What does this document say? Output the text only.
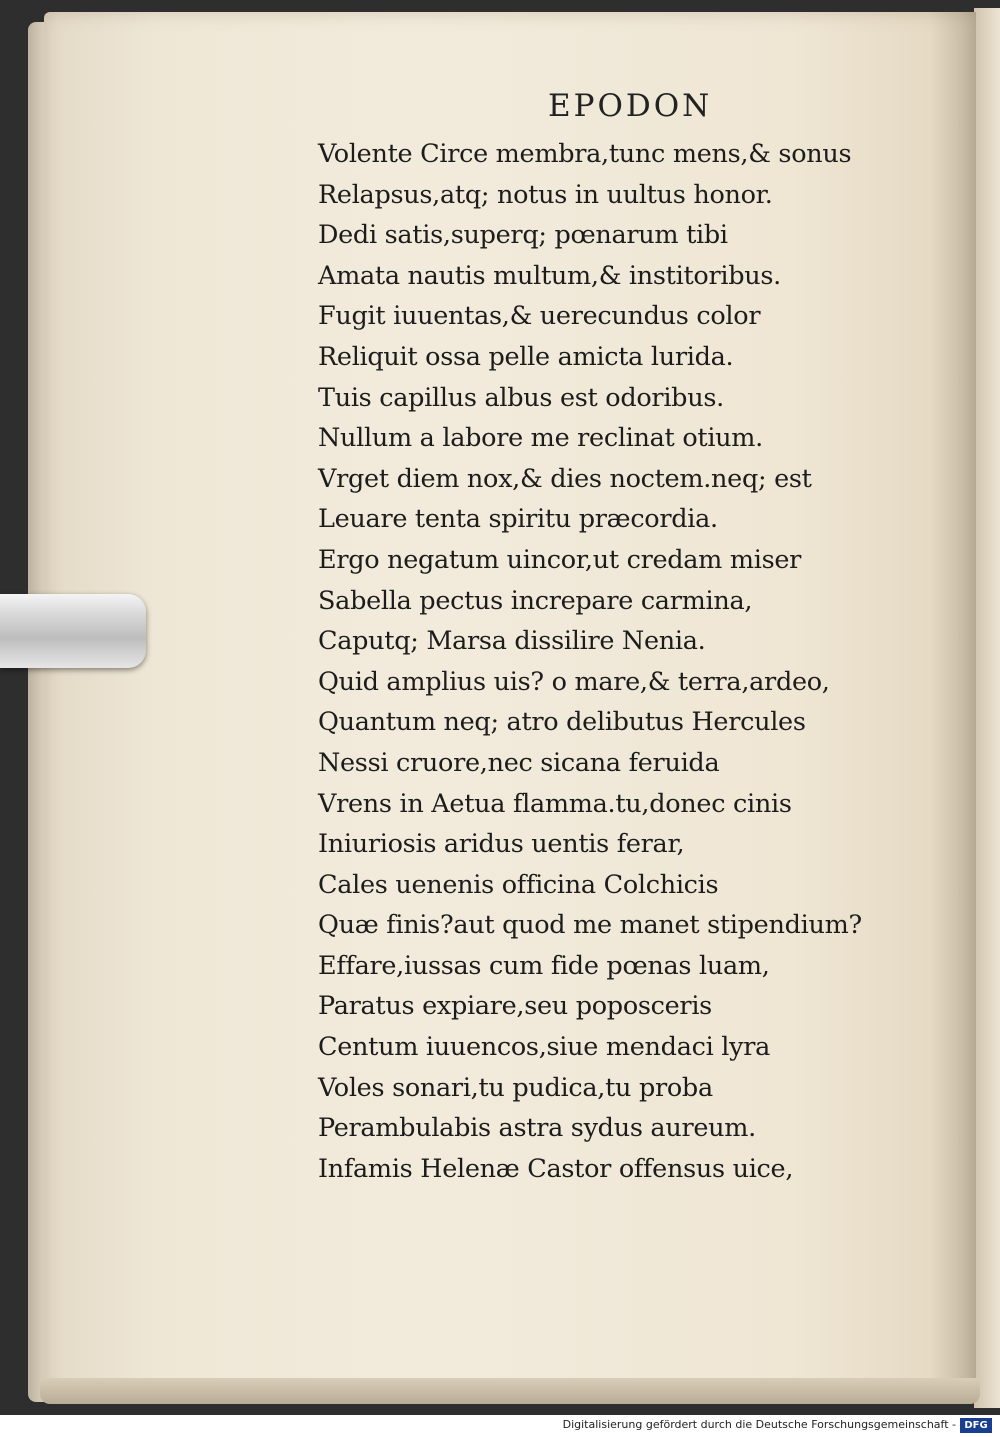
EPODON
Volente Circe membra,tunc mens,& sonus
Relapsus,atq; notus in uultus honor.
Dedi satis,superq; pœnarum tibi
Amata nautis multum,& institoribus.
Fugit iuuentas,& uerecundus color
Reliquit ossa pelle amicta lurida.
Tuis capillus albus est odoribus.
Nullum a labore me reclinat otium.
Vrget diem nox,& dies noctem.neq; est
Leuare tenta spiritu præcordia.
Ergo negatum uincor,ut credam miser
Sabella pectus increpare carmina,
Caputq; Marsa dissilire Nenia.
Quid amplius uis? o mare,& terra,ardeo,
Quantum neq; atro delibutus Hercules
Nessi cruore,nec sicana feruida
Vrens in Aetua flamma.tu,donec cinis
Iniuriosis aridus uentis ferar,
Cales uenenis officina Colchicis
Quæ finis?aut quod me manet stipendium?
Effare,iussas cum fide pœnas luam,
Paratus expiare,seu poposceris
Centum iuuencos,siue mendaci lyra
Voles sonari,tu pudica,tu proba
Perambulabis astra sydus aureum.
Infamis Helenæ Castor offensus uice,
Digitalisierung gefördert durch die Deutsche Forschungsgemeinschaft - DFG
